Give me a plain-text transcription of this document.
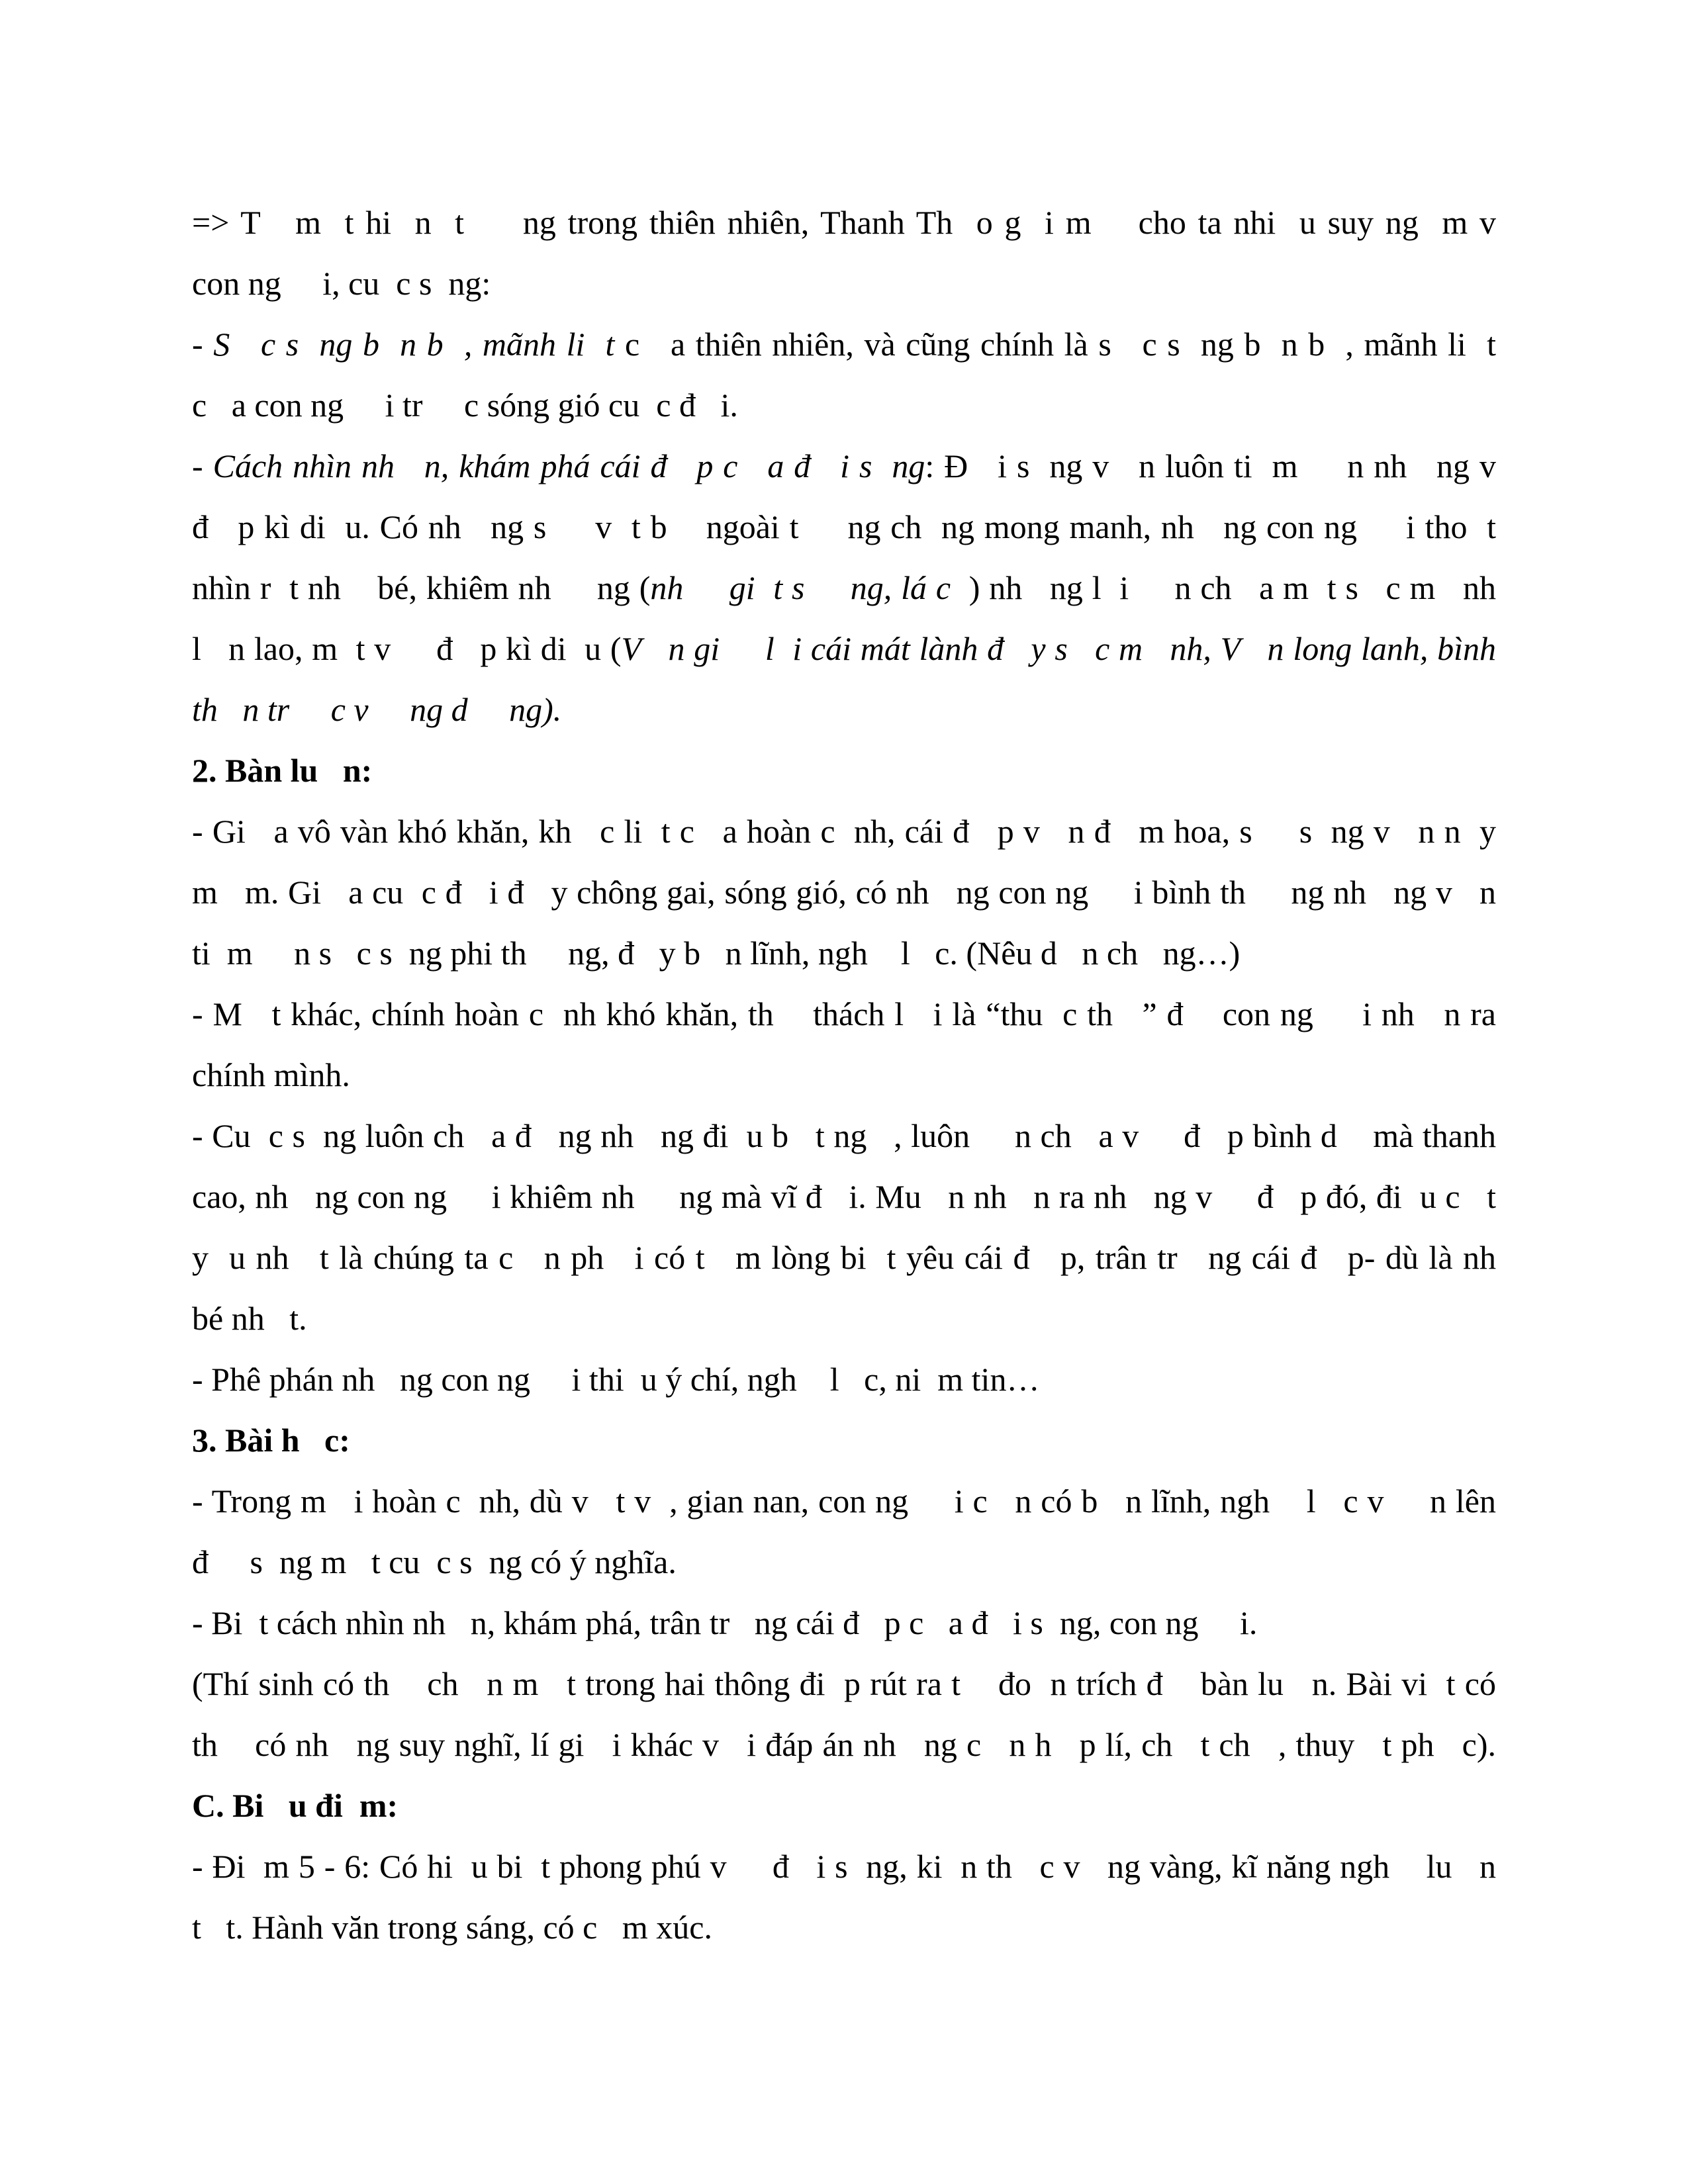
=> T   m  t hi  n  t     ng trong thiên nhiên, Thanh Th  o g  i m    cho ta nhi  u suy ng  m v
con ng     i, cu  c s  ng:
- S   c s  ng b  n b  , mãnh li  t c   a thiên nhiên, và cũng chính là s   c s  ng b  n b  , mãnh li  t
c   a con ng     i tr     c sóng gió cu  c đ   i.
- Cách nhìn nh   n, khám phá cái đ   p c   a đ   i s  ng: Đ   i s  ng v   n luôn ti  m     n nh   ng v
đ   p kì di  u. Có nh   ng s     v  t b    ngoài t     ng ch  ng mong manh, nh   ng con ng     i tho  t
nhìn r  t nh    bé, khiêm nh     ng (nh     gi  t s     ng, lá c  ) nh   ng l  i     n ch   a m  t s   c m   nh
l   n lao, m  t v     đ   p kì di  u (V   n gi     l  i cái mát lành đ   y s   c m   nh, V   n long lanh, bình
th   n tr     c v     ng d     ng).
2. Bàn lu   n:
- Gi   a vô vàn khó khăn, kh   c li  t c   a hoàn c  nh, cái đ   p v   n đ   m hoa, s     s  ng v   n n  y
m   m. Gi   a cu  c đ   i đ   y chông gai, sóng gió, có nh   ng con ng     i bình th     ng nh   ng v   n
ti  m     n s   c s  ng phi th     ng, đ   y b   n lĩnh, ngh    l   c. (Nêu d   n ch   ng…)
- M   t khác, chính hoàn c  nh khó khăn, th    thách l   i là “thu  c th   ” đ    con ng     i nh   n ra
chính mình.
- Cu  c s  ng luôn ch   a đ   ng nh   ng đi  u b   t ng   , luôn     n ch   a v     đ   p bình d    mà thanh
cao, nh   ng con ng     i khiêm nh     ng mà vĩ đ   i. Mu   n nh   n ra nh   ng v     đ   p đó, đi  u c   t
y  u nh   t là chúng ta c   n ph   i có t   m lòng bi  t yêu cái đ   p, trân tr   ng cái đ   p- dù là nh
bé nh   t.
- Phê phán nh   ng con ng     i thi  u ý chí, ngh    l   c, ni  m tin…
3. Bài h   c:
- Trong m   i hoàn c  nh, dù v   t v  , gian nan, con ng     i c   n có b   n lĩnh, ngh    l   c v     n lên
đ     s  ng m   t cu  c s  ng có ý nghĩa.
- Bi  t cách nhìn nh   n, khám phá, trân tr   ng cái đ   p c   a đ   i s  ng, con ng     i.
(Thí sinh có th    ch   n m   t trong hai thông đi  p rút ra t    đo  n trích đ    bàn lu   n. Bài vi  t có
th    có nh   ng suy nghĩ, lí gi   i khác v   i đáp án nh   ng c   n h   p lí, ch   t ch   , thuy   t ph   c).
C. Bi   u đi  m:
- Đi  m 5 - 6: Có hi  u bi  t phong phú v     đ   i s  ng, ki  n th   c v   ng vàng, kĩ năng ngh    lu   n
t   t. Hành văn trong sáng, có c   m xúc.
